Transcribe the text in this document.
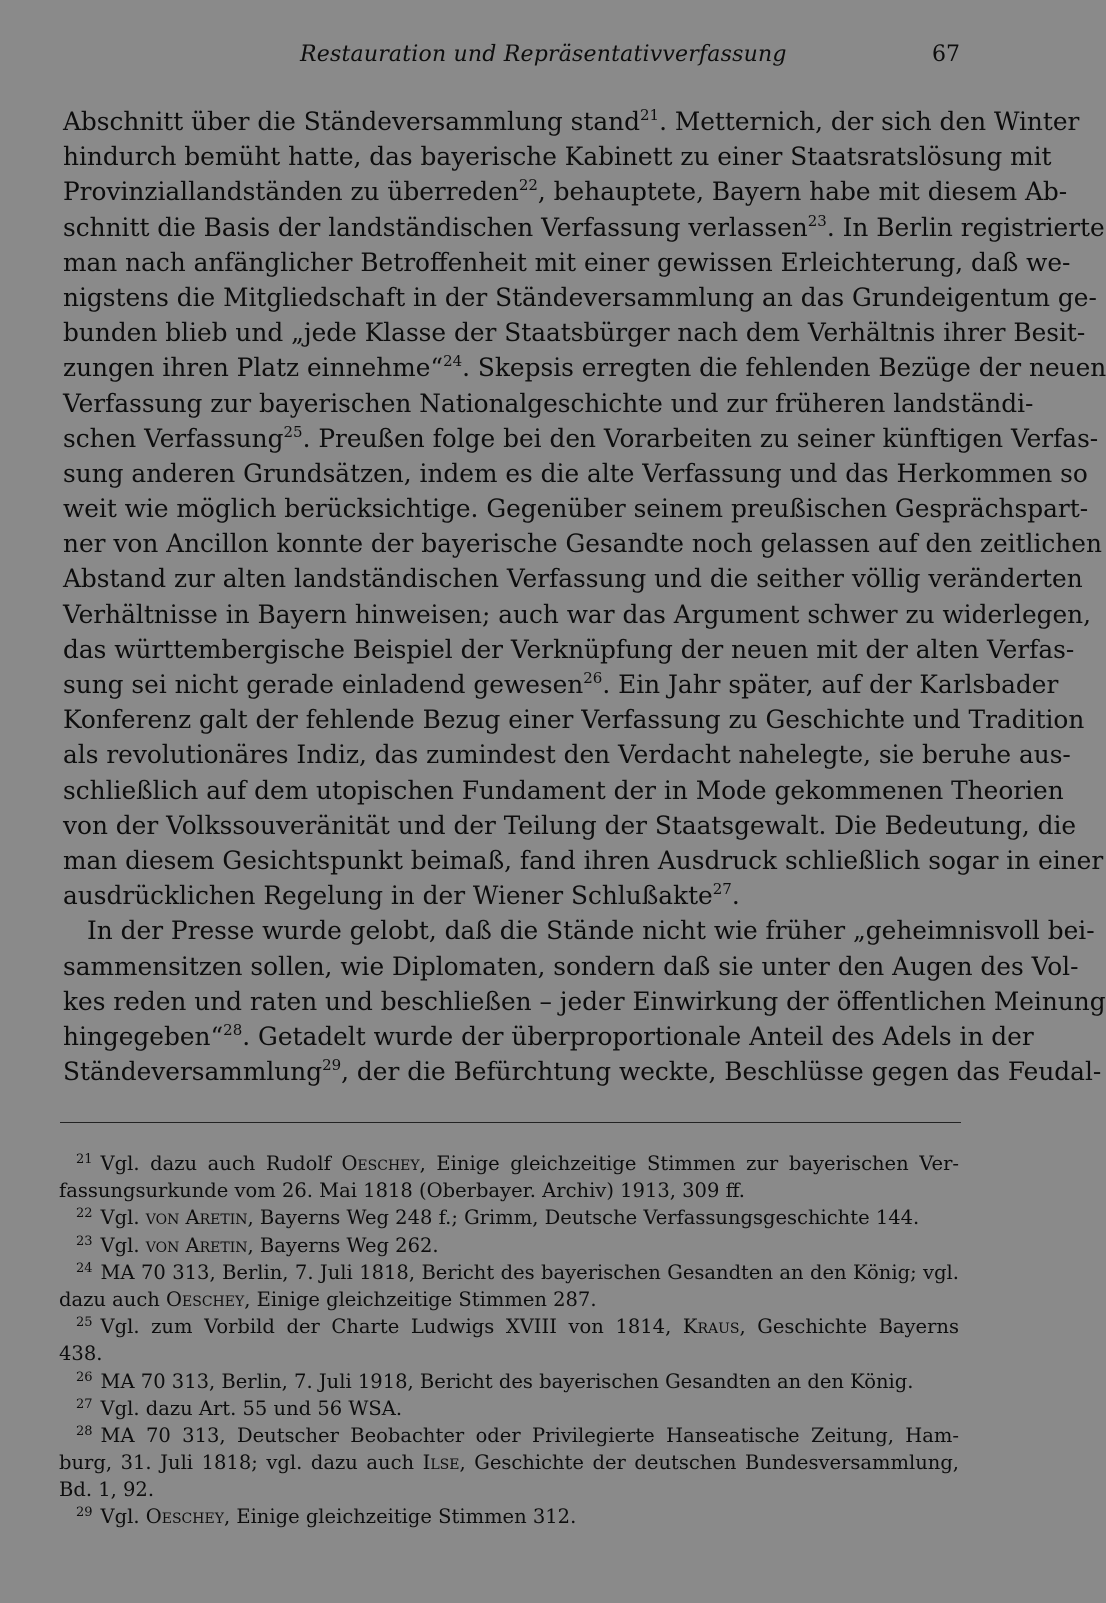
Restauration und Repräsentativverfassung	67
Abschnitt über die Ständeversammlung stand$^{21}$. Metternich, der sich den Winter
hindurch bemüht hatte, das bayerische Kabinett zu einer Staatsratslösung mit
Provinziallandständen zu überreden$^{22}$, behauptete, Bayern habe mit diesem Ab-
schnitt die Basis der landständischen Verfassung verlassen$^{23}$. In Berlin registrierte
man nach anfänglicher Betroffenheit mit einer gewissen Erleichterung, daß we-
nigstens die Mitgliedschaft in der Ständeversammlung an das Grundeigentum ge-
bunden blieb und „jede Klasse der Staatsbürger nach dem Verhältnis ihrer Besit-
zungen ihren Platz einnehme“$^{24}$. Skepsis erregten die fehlenden Bezüge der neuen
Verfassung zur bayerischen Nationalgeschichte und zur früheren landständi-
schen Verfassung$^{25}$. Preußen folge bei den Vorarbeiten zu seiner künftigen Verfas-
sung anderen Grundsätzen, indem es die alte Verfassung und das Herkommen so
weit wie möglich berücksichtige. Gegenüber seinem preußischen Gesprächspart-
ner von Ancillon konnte der bayerische Gesandte noch gelassen auf den zeitlichen
Abstand zur alten landständischen Verfassung und die seither völlig veränderten
Verhältnisse in Bayern hinweisen; auch war das Argument schwer zu widerlegen,
das württembergische Beispiel der Verknüpfung der neuen mit der alten Verfas-
sung sei nicht gerade einladend gewesen$^{26}$. Ein Jahr später, auf der Karlsbader
Konferenz galt der fehlende Bezug einer Verfassung zu Geschichte und Tradition
als revolutionäres Indiz, das zumindest den Verdacht nahelegte, sie beruhe aus-
schließlich auf dem utopischen Fundament der in Mode gekommenen Theorien
von der Volkssouveränität und der Teilung der Staatsgewalt. Die Bedeutung, die
man diesem Gesichtspunkt beimaß, fand ihren Ausdruck schließlich sogar in einer
ausdrücklichen Regelung in der Wiener Schlußakte$^{27}$.
In der Presse wurde gelobt, daß die Stände nicht wie früher „geheimnisvoll bei-
sammensitzen sollen, wie Diplomaten, sondern daß sie unter den Augen des Vol-
kes reden und raten und beschließen – jeder Einwirkung der öffentlichen Meinung
hingegeben“$^{28}$. Getadelt wurde der überproportionale Anteil des Adels in der
Ständeversammlung$^{29}$, der die Befürchtung weckte, Beschlüsse gegen das Feudal-
$^{21}$ Vgl. dazu auch Rudolf Oeschey, Einige gleichzeitige Stimmen zur bayerischen Ver-
fassungsurkunde vom 26. Mai 1818 (Oberbayer. Archiv) 1913, 309 ff.
$^{22}$ Vgl. von Aretin, Bayerns Weg 248 f.; Grimm, Deutsche Verfassungsgeschichte 144.
$^{23}$ Vgl. von Aretin, Bayerns Weg 262.
$^{24}$ MA 70 313, Berlin, 7. Juli 1818, Bericht des bayerischen Gesandten an den König; vgl.
dazu auch Oeschey, Einige gleichzeitige Stimmen 287.
$^{25}$ Vgl. zum Vorbild der Charte Ludwigs XVIII von 1814, Kraus, Geschichte Bayerns
438.
$^{26}$ MA 70 313, Berlin, 7. Juli 1918, Bericht des bayerischen Gesandten an den König.
$^{27}$ Vgl. dazu Art. 55 und 56 WSA.
$^{28}$ MA 70 313, Deutscher Beobachter oder Privilegierte Hanseatische Zeitung, Ham-
burg, 31. Juli 1818; vgl. dazu auch Ilse, Geschichte der deutschen Bundesversammlung,
Bd. 1, 92.
$^{29}$ Vgl. Oeschey, Einige gleichzeitige Stimmen 312.
